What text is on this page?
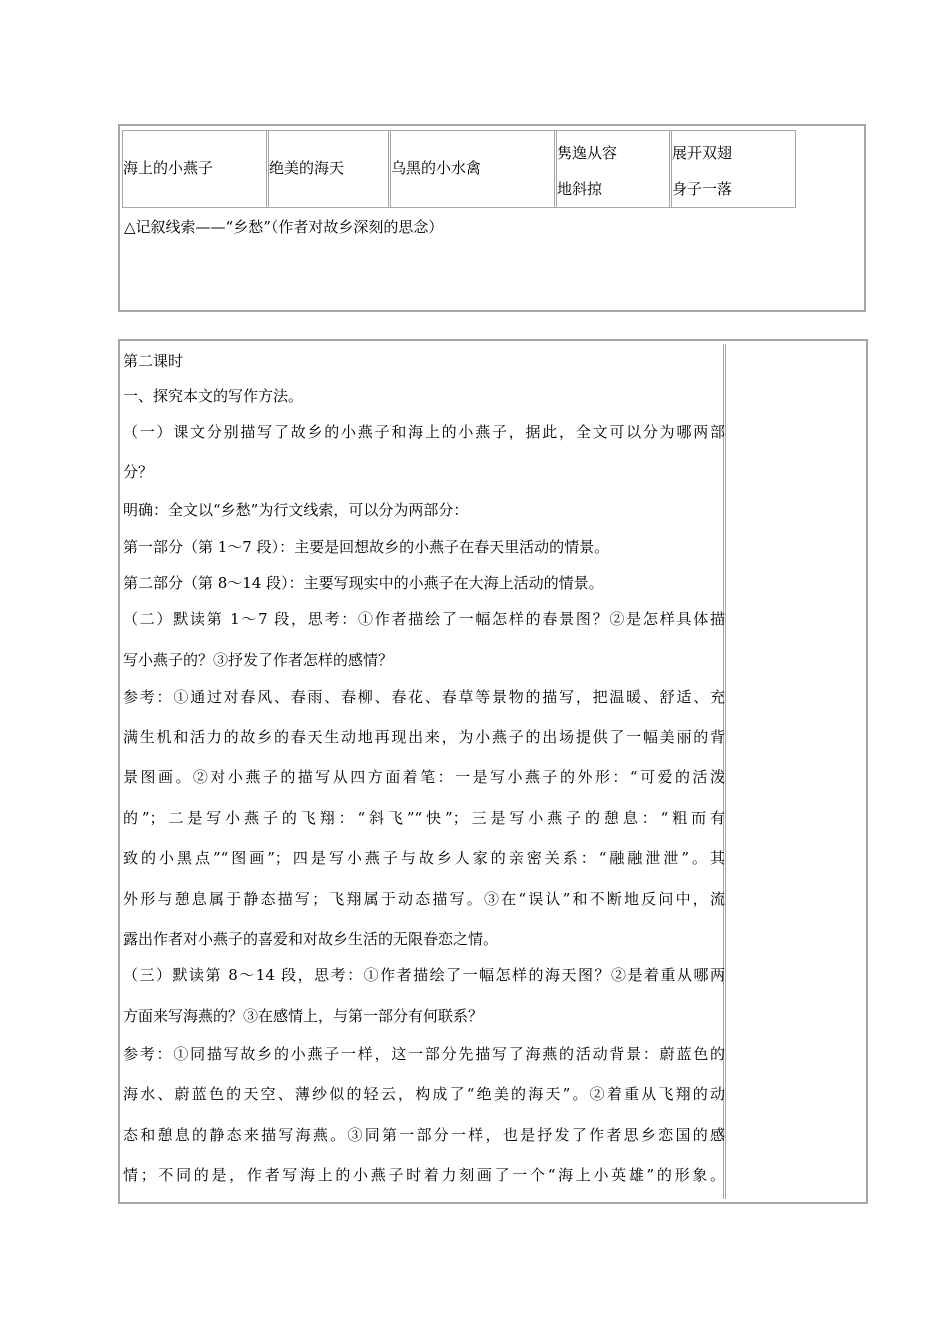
海上的小燕子	绝美的海天	乌黑的小水禽
隽逸从容
地斜掠
展开双翅
身子一落
△记叙线索——“乡愁”（作者对故乡深刻的思念）
第二课时
一、探究本文的写作方法。
（一）课文分别描写了故乡的小燕子和海上的小燕子，据此，全文可以分为哪两部
分？
明确：全文以“乡愁”为行文线索，可以分为两部分：
第一部分（第 1～7 段）：主要是回想故乡的小燕子在春天里活动的情景。
第二部分（第 8～14 段）：主要写现实中的小燕子在大海上活动的情景。
（二）默读第 1～7 段，思考：①作者描绘了一幅怎样的春景图？②是怎样具体描
写小燕子的？③抒发了作者怎样的感情？
参考：①通过对春风、春雨、春柳、春花、春草等景物的描写，把温暖、舒适、充
满生机和活力的故乡的春天生动地再现出来，为小燕子的出场提供了一幅美丽的背
景图画。②对小燕子的描写从四方面着笔：一是写小燕子的外形：“可爱的活泼
的”；二是写小燕子的飞翔：“斜飞”“快”；三是写小燕子的憩息：“粗而有
致的小黑点”“图画”；四是写小燕子与故乡人家的亲密关系：“融融泄泄”。其
外形与憩息属于静态描写；飞翔属于动态描写。③在“误认”和不断地反问中，流
露出作者对小燕子的喜爱和对故乡生活的无限眷恋之情。
（三）默读第 8～14 段，思考：①作者描绘了一幅怎样的海天图？②是着重从哪两
方面来写海燕的？③在感情上，与第一部分有何联系？
参考：①同描写故乡的小燕子一样，这一部分先描写了海燕的活动背景：蔚蓝色的
海水、蔚蓝色的天空、薄纱似的轻云，构成了“绝美的海天”。②着重从飞翔的动
态和憩息的静态来描写海燕。③同第一部分一样，也是抒发了作者思乡恋国的感
情；不同的是，作者写海上的小燕子时着力刻画了一个“海上小英雄”的形象。
